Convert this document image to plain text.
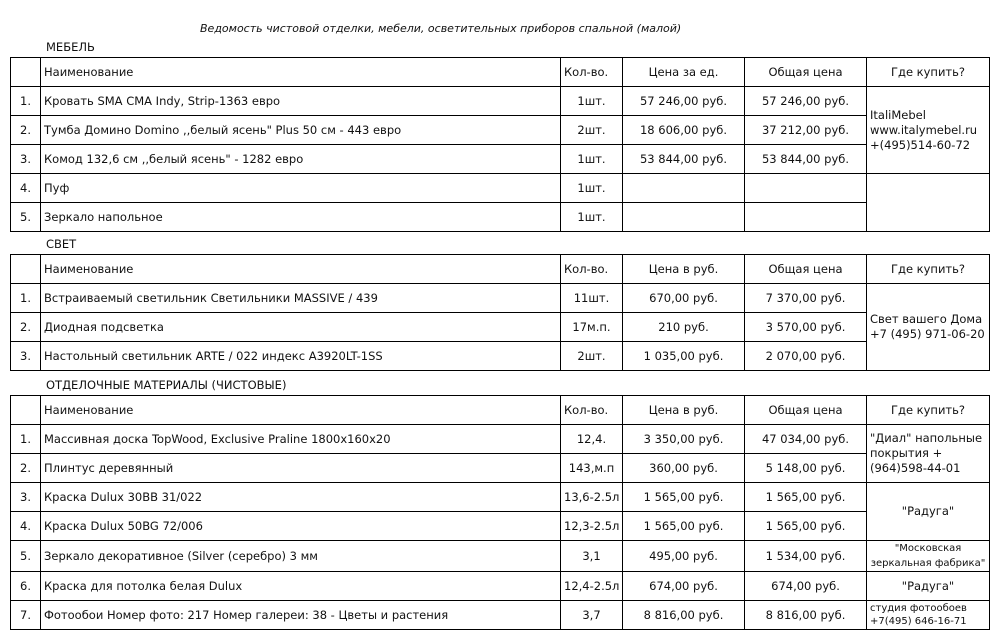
Ведомость чистовой отделки, мебели, осветительных приборов спальной (малой)
МЕБЕЛЬ
	Наименование	Кол-во.	Цена за ед.	Общая цена	Где купить?
1.	Кровать SMA CMA Indy, Strip-1363 евро	1шт.	57 246,00 руб.	57 246,00 руб.	ItaliMebel www.italymebel.ru +(495)514-60-72
2.	Тумба Домино Domino ,,белый ясень" Plus 50 см - 443 евро	2шт.	18 606,00 руб.	37 212,00 руб.	
3.	Комод 132,6 см ,,белый ясень" - 1282 евро	1шт.	53 844,00 руб.	53 844,00 руб.	
4.	Пуф	1шт.			
5.	Зеркало напольное	1шт.			
СВЕТ
	Наименование	Кол-во.	Цена в руб.	Общая цена	Где купить?
1.	Встраиваемый светильник Светильники MASSIVE / 439	11шт.	670,00 руб.	7 370,00 руб.	Свет вашего Дома +7 (495) 971-06-20
2.	Диодная подсветка	17м.п.	210 руб.	3 570,00 руб.	
3.	Настольный светильник ARTE / 022 индекс A3920LT-1SS	2шт.	1 035,00 руб.	2 070,00 руб.	
ОТДЕЛОЧНЫЕ МАТЕРИАЛЫ (ЧИСТОВЫЕ)
	Наименование	Кол-во.	Цена в руб.	Общая цена	Где купить?
1.	Массивная доска TopWood, Exclusive Praline 1800х160х20	12,4.	3 350,00 руб.	47 034,00 руб.	"Диал" напольные покрытия +(964)598-44-01
2.	Плинтус деревянный	143,м.п	360,00 руб.	5 148,00 руб.	
3.	Краска Dulux 30BB 31/022	13,6-2.5л	1 565,00 руб.	1 565,00 руб.	"Радуга"
4.	Краска Dulux 50BG 72/006	12,3-2.5л	1 565,00 руб.	1 565,00 руб.	
5.	Зеркало декоративное (Silver (серебро) 3 мм	3,1	495,00 руб.	1 534,00 руб.	"Московская зеркальная фабрика"
6.	Краска для потолка белая Dulux	12,4-2.5л	674,00 руб.	674,00 руб.	"Радуга"
7.	Фотообои Номер фото: 217 Номер галереи: 38 - Цветы и растения	3,7	8 816,00 руб.	8 816,00 руб.	студия фотообоев +7(495) 646-16-71
